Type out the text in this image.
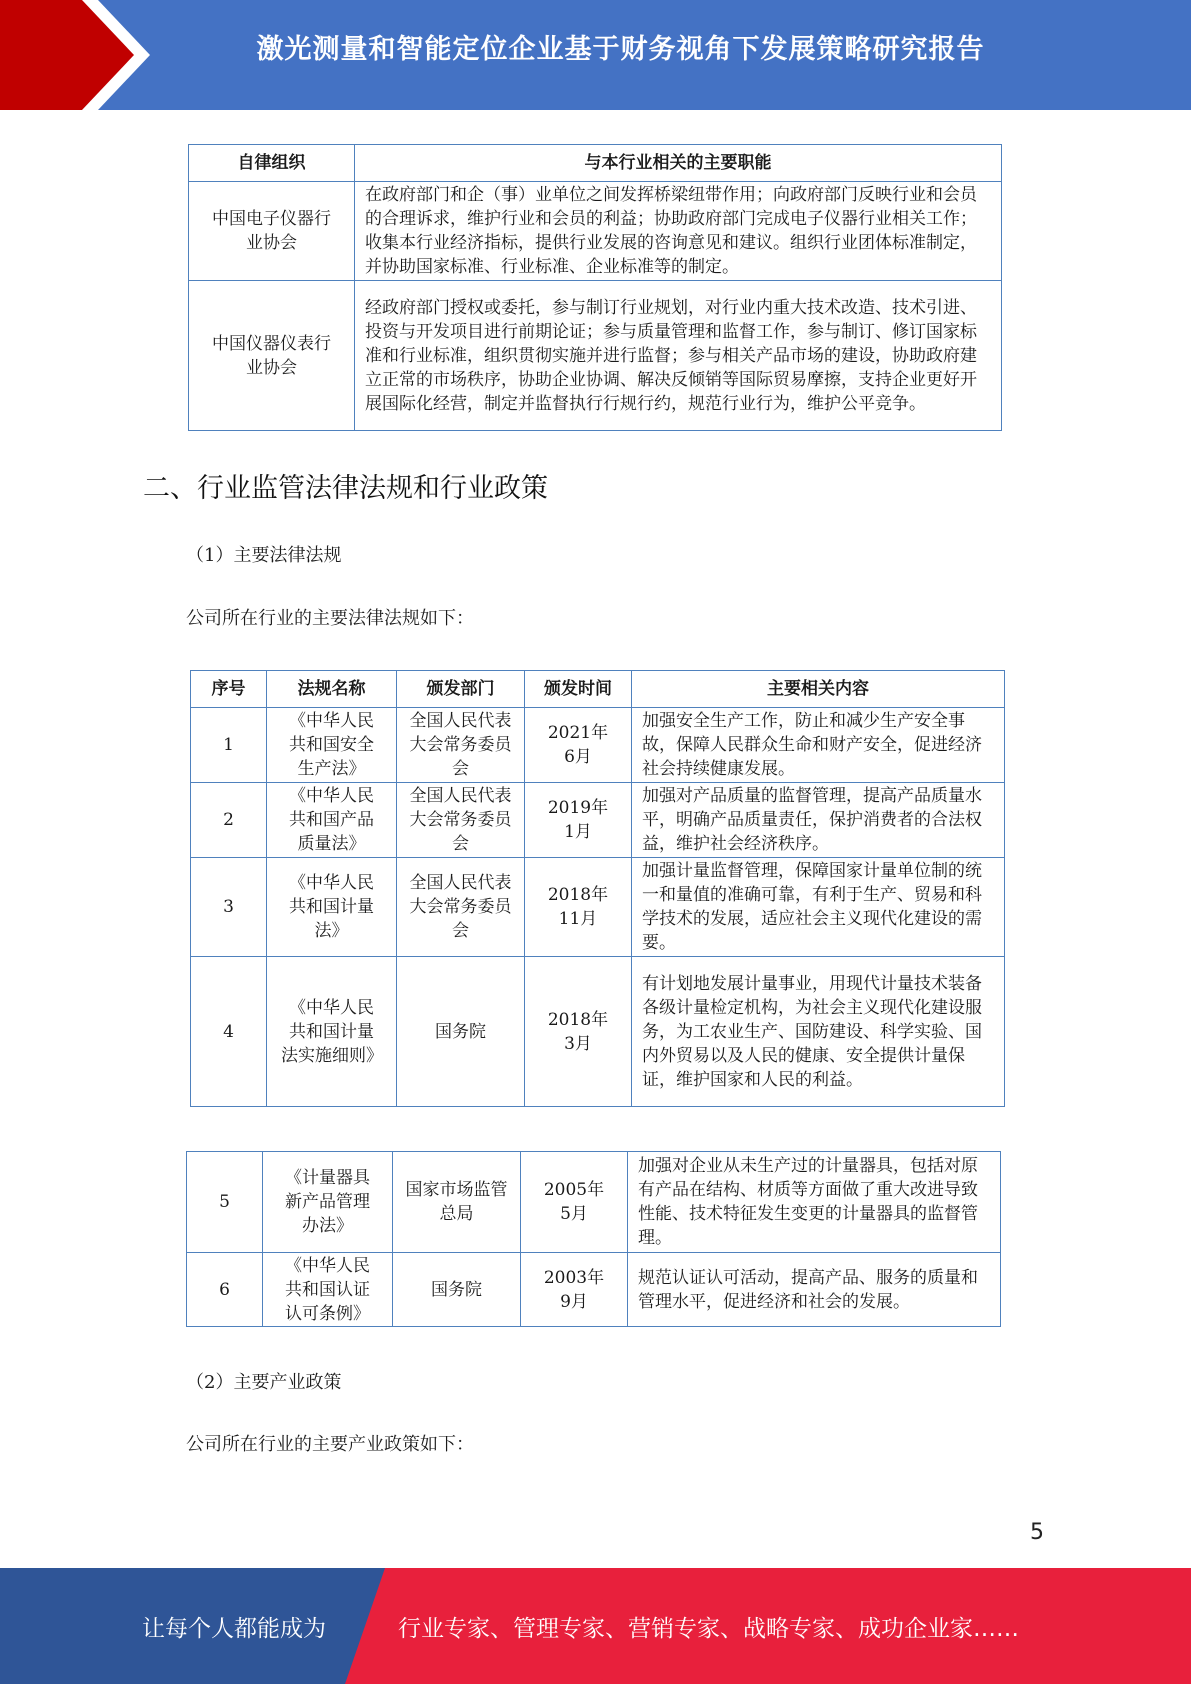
激光测量和智能定位企业基于财务视角下发展策略研究报告
自律组织	与本行业相关的主要职能
中国电子仪器行业协会	在政府部门和企（事）业单位之间发挥桥梁纽带作用；向政府部门反映行业和会员的合理诉求，维护行业和会员的利益；协助政府部门完成电子仪器行业相关工作；收集本行业经济指标，提供行业发展的咨询意见和建议。组织行业团体标准制定，并协助国家标准、行业标准、企业标准等的制定。
中国仪器仪表行业协会	经政府部门授权或委托，参与制订行业规划，对行业内重大技术改造、技术引进、投资与开发项目进行前期论证；参与质量管理和监督工作，参与制订、修订国家标准和行业标准，组织贯彻实施并进行监督；参与相关产品市场的建设，协助政府建立正常的市场秩序，协助企业协调、解决反倾销等国际贸易摩擦，支持企业更好开展国际化经营，制定并监督执行行规行约，规范行业行为，维护公平竞争。
二、行业监管法律法规和行业政策
（1）主要法律法规
公司所在行业的主要法律法规如下：
序号	法规名称	颁发部门	颁发时间	主要相关内容
1	《中华人民共和国安全生产法》	全国人民代表大会常务委员会	2021年6月	加强安全生产工作，防止和减少生产安全事故，保障人民群众生命和财产安全，促进经济社会持续健康发展。
2	《中华人民共和国产品质量法》	全国人民代表大会常务委员会	2019年1月	加强对产品质量的监督管理，提高产品质量水平，明确产品质量责任，保护消费者的合法权益，维护社会经济秩序。
3	《中华人民共和国计量法》	全国人民代表大会常务委员会	2018年11月	加强计量监督管理，保障国家计量单位制的统一和量值的准确可靠，有利于生产、贸易和科学技术的发展，适应社会主义现代化建设的需要。
4	《中华人民共和国计量法实施细则》	国务院	2018年3月	有计划地发展计量事业，用现代计量技术装备各级计量检定机构，为社会主义现代化建设服务，为工农业生产、国防建设、科学实验、国内外贸易以及人民的健康、安全提供计量保证，维护国家和人民的利益。
5	《计量器具新产品管理办法》	国家市场监管总局	2005年5月	加强对企业从未生产过的计量器具，包括对原有产品在结构、材质等方面做了重大改进导致性能、技术特征发生变更的计量器具的监督管理。
6	《中华人民共和国认证认可条例》	国务院	2003年9月	规范认证认可活动，提高产品、服务的质量和管理水平，促进经济和社会的发展。
（2）主要产业政策
公司所在行业的主要产业政策如下：
5
让每个人都能成为	行业专家、管理专家、营销专家、战略专家、成功企业家……
